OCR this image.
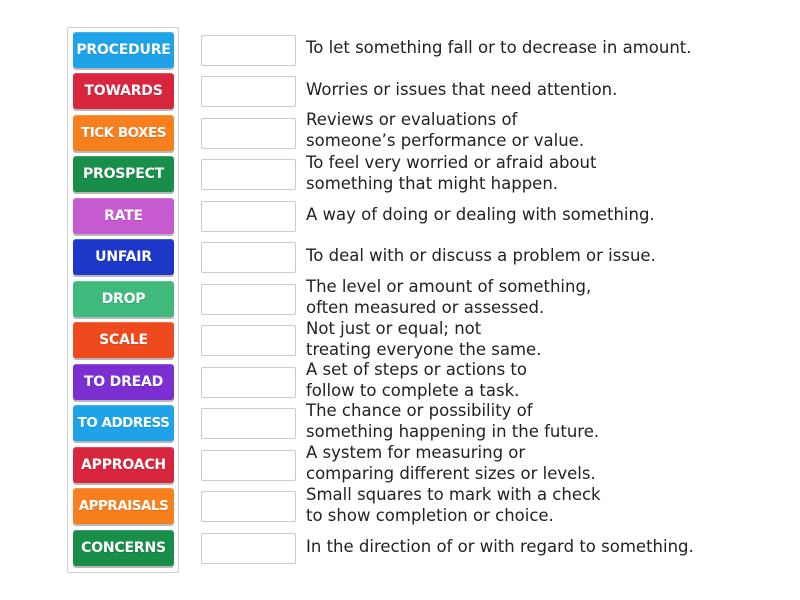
PROCEDURE
TOWARDS
TICK BOXES
PROSPECT
RATE
UNFAIR
DROP
SCALE
TO DREAD
TO ADDRESS
APPROACH
APPRAISALS
CONCERNS
To let something fall or to decrease in amount.
Worries or issues that need attention.
Reviews or evaluations of
someone’s performance or value.
To feel very worried or afraid about
something that might happen.
A way of doing or dealing with something.
To deal with or discuss a problem or issue.
The level or amount of something,
often measured or assessed.
Not just or equal; not
treating everyone the same.
A set of steps or actions to
follow to complete a task.
The chance or possibility of
something happening in the future.
A system for measuring or
comparing different sizes or levels.
Small squares to mark with a check
to show completion or choice.
In the direction of or with regard to something.
